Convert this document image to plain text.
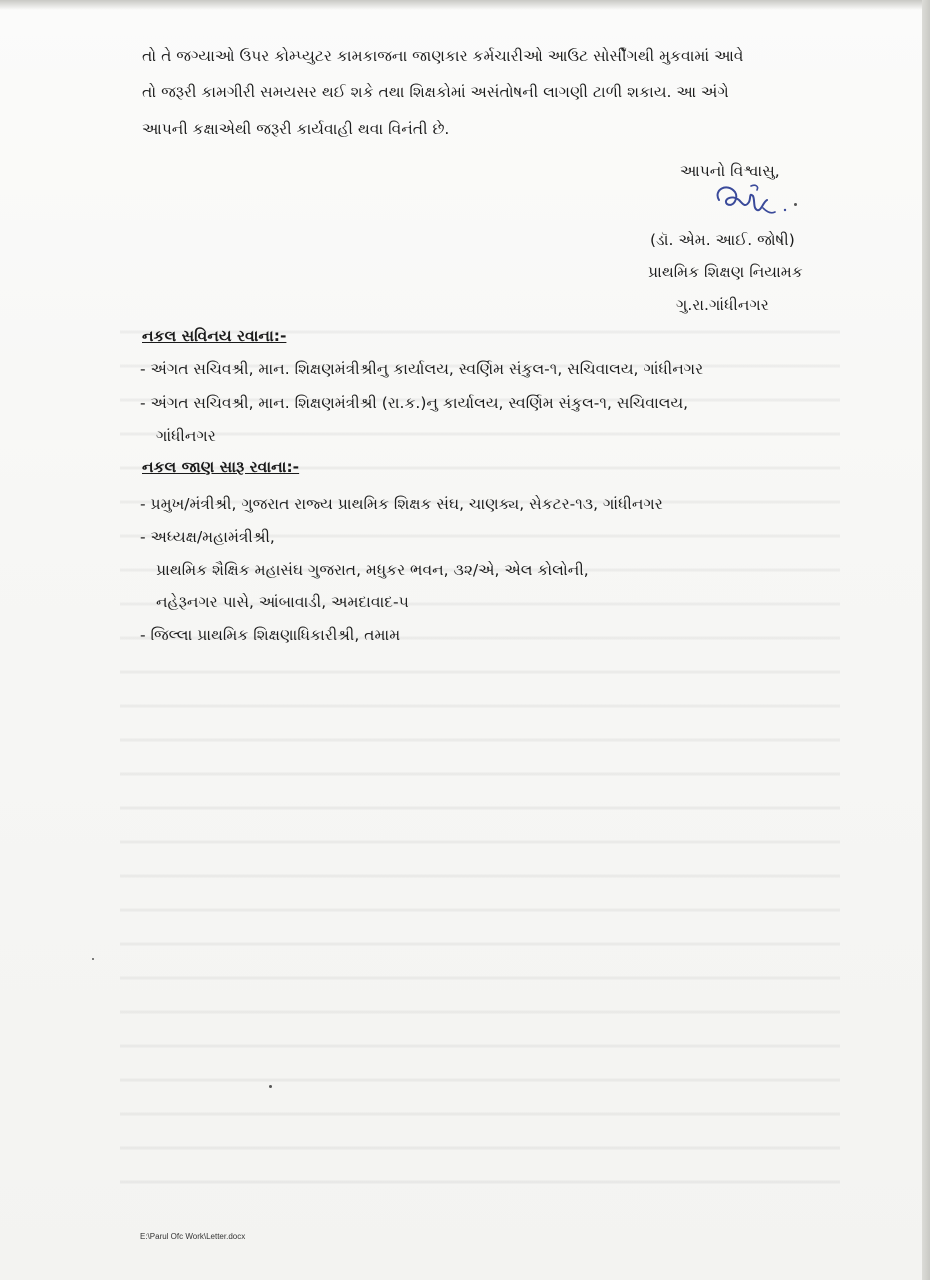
તો તે જગ્યાઓ ઉપર કોમ્પ્યુટર કામકાજના જાણકાર કર્મચારીઓ આઉટ સોર્સીંગથી મુકવામાં આવે
તો જરૂરી કામગીરી સમયસર થઈ શકે તથા શિક્ષકોમાં અસંતોષની લાગણી ટાળી શકાય. આ અંગે
આપની કક્ષાએથી જરૂરી કાર્યવાહી થવા વિનંતી છે.
આપનો વિશ્વાસુ,
(ડૉ. એમ. આઈ. જોષી)
પ્રાથમિક શિક્ષણ નિયામક
ગુ.રા.ગાંધીનગર
નકલ સવિનય રવાના:-
- અંગત સચિવશ્રી, માન. શિક્ષણમંત્રીશ્રીનુ કાર્યાલય, સ્વર્ણિમ સંકુલ-૧, સચિવાલય, ગાંધીનગર
- અંગત સચિવશ્રી, માન. શિક્ષણમંત્રીશ્રી (રા.ક.)નુ કાર્યાલય, સ્વર્ણિમ સંકુલ-૧, સચિવાલય,
ગાંધીનગર
નકલ જાણ સારૂ રવાના:-
- પ્રમુખ/મંત્રીશ્રી, ગુજરાત રાજ્ય પ્રાથમિક શિક્ષક સંઘ, ચાણક્ય, સેકટર-૧૩, ગાંધીનગર
- અધ્યક્ષ/મહામંત્રીશ્રી,
પ્રાથમિક શૈક્ષિક મહાસંઘ ગુજરાત, મધુકર ભવન, ૩૨/એ, એલ કોલોની,
નહેરૂનગર પાસે, આંબાવાડી, અમદાવાદ-૫
- જિલ્લા પ્રાથમિક શિક્ષણાધિકારીશ્રી, તમામ
E:\Parul Ofc Work\Letter.docx
